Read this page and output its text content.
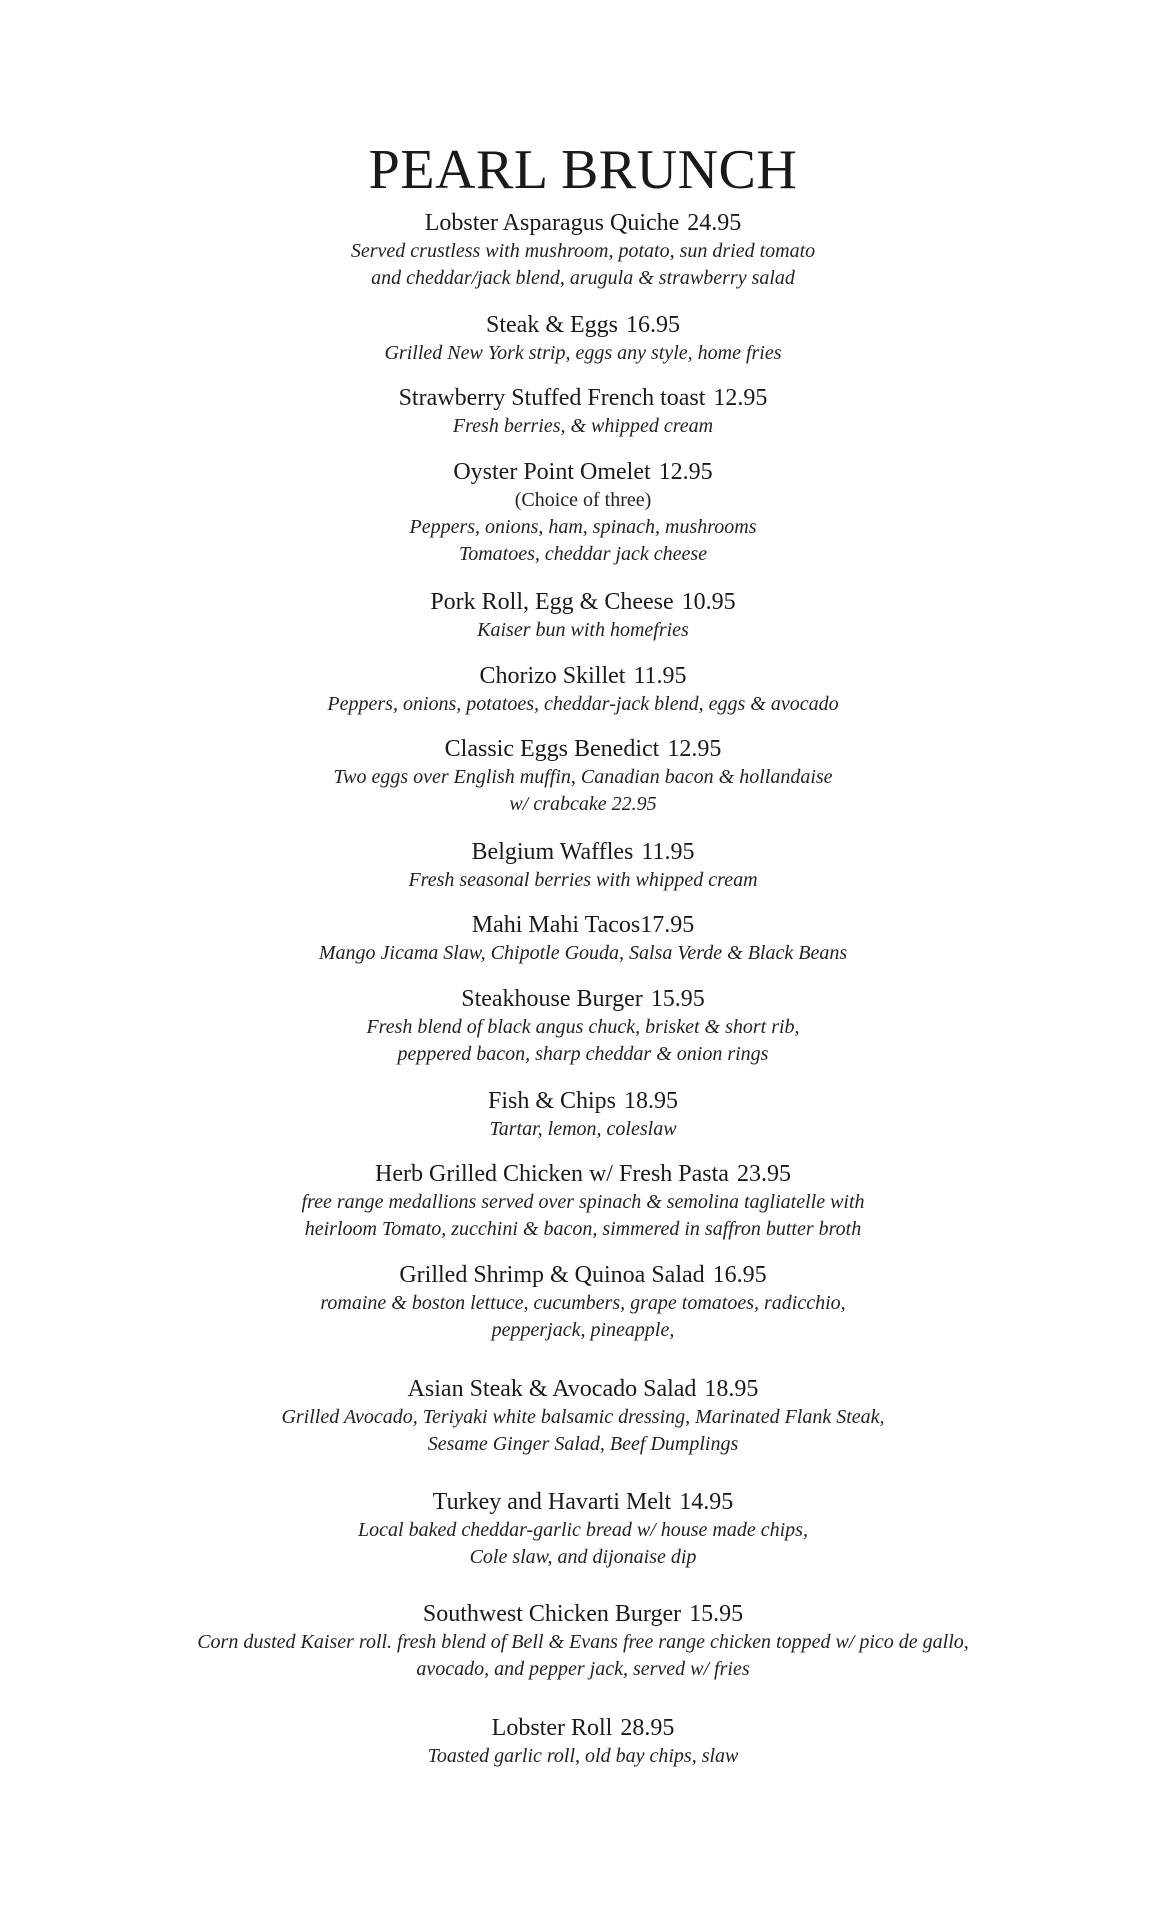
PEARL BRUNCH
Lobster Asparagus Quiche 24.95
Served crustless with mushroom, potato, sun dried tomato
and cheddar/jack blend, arugula & strawberry salad
Steak & Eggs 16.95
Grilled New York strip, eggs any style, home fries
Strawberry Stuffed French toast 12.95
Fresh berries, & whipped cream
Oyster Point Omelet 12.95
(Choice of three)
Peppers, onions, ham, spinach, mushrooms
Tomatoes, cheddar jack cheese
Pork Roll, Egg & Cheese 10.95
Kaiser bun with homefries
Chorizo Skillet 11.95
Peppers, onions, potatoes, cheddar-jack blend, eggs & avocado
Classic Eggs Benedict 12.95
Two eggs over English muffin, Canadian bacon & hollandaise
w/ crabcake 22.95
Belgium Waffles 11.95
Fresh seasonal berries with whipped cream
Mahi Mahi Tacos17.95
Mango Jicama Slaw, Chipotle Gouda, Salsa Verde & Black Beans
Steakhouse Burger 15.95
Fresh blend of black angus chuck, brisket & short rib,
peppered bacon, sharp cheddar & onion rings
Fish & Chips 18.95
Tartar, lemon, coleslaw
Herb Grilled Chicken w/ Fresh Pasta 23.95
free range medallions served over spinach & semolina tagliatelle with
heirloom Tomato, zucchini & bacon, simmered in saffron butter broth
Grilled Shrimp & Quinoa Salad 16.95
romaine & boston lettuce, cucumbers, grape tomatoes, radicchio,
pepperjack, pineapple,
Asian Steak & Avocado Salad 18.95
Grilled Avocado, Teriyaki white balsamic dressing, Marinated Flank Steak,
Sesame Ginger Salad, Beef Dumplings
Turkey and Havarti Melt 14.95
Local baked cheddar-garlic bread w/ house made chips,
Cole slaw, and dijonaise dip
Southwest Chicken Burger 15.95
Corn dusted Kaiser roll. fresh blend of Bell & Evans free range chicken topped w/ pico de gallo,
avocado, and pepper jack, served w/ fries
Lobster Roll 28.95
Toasted garlic roll, old bay chips, slaw
